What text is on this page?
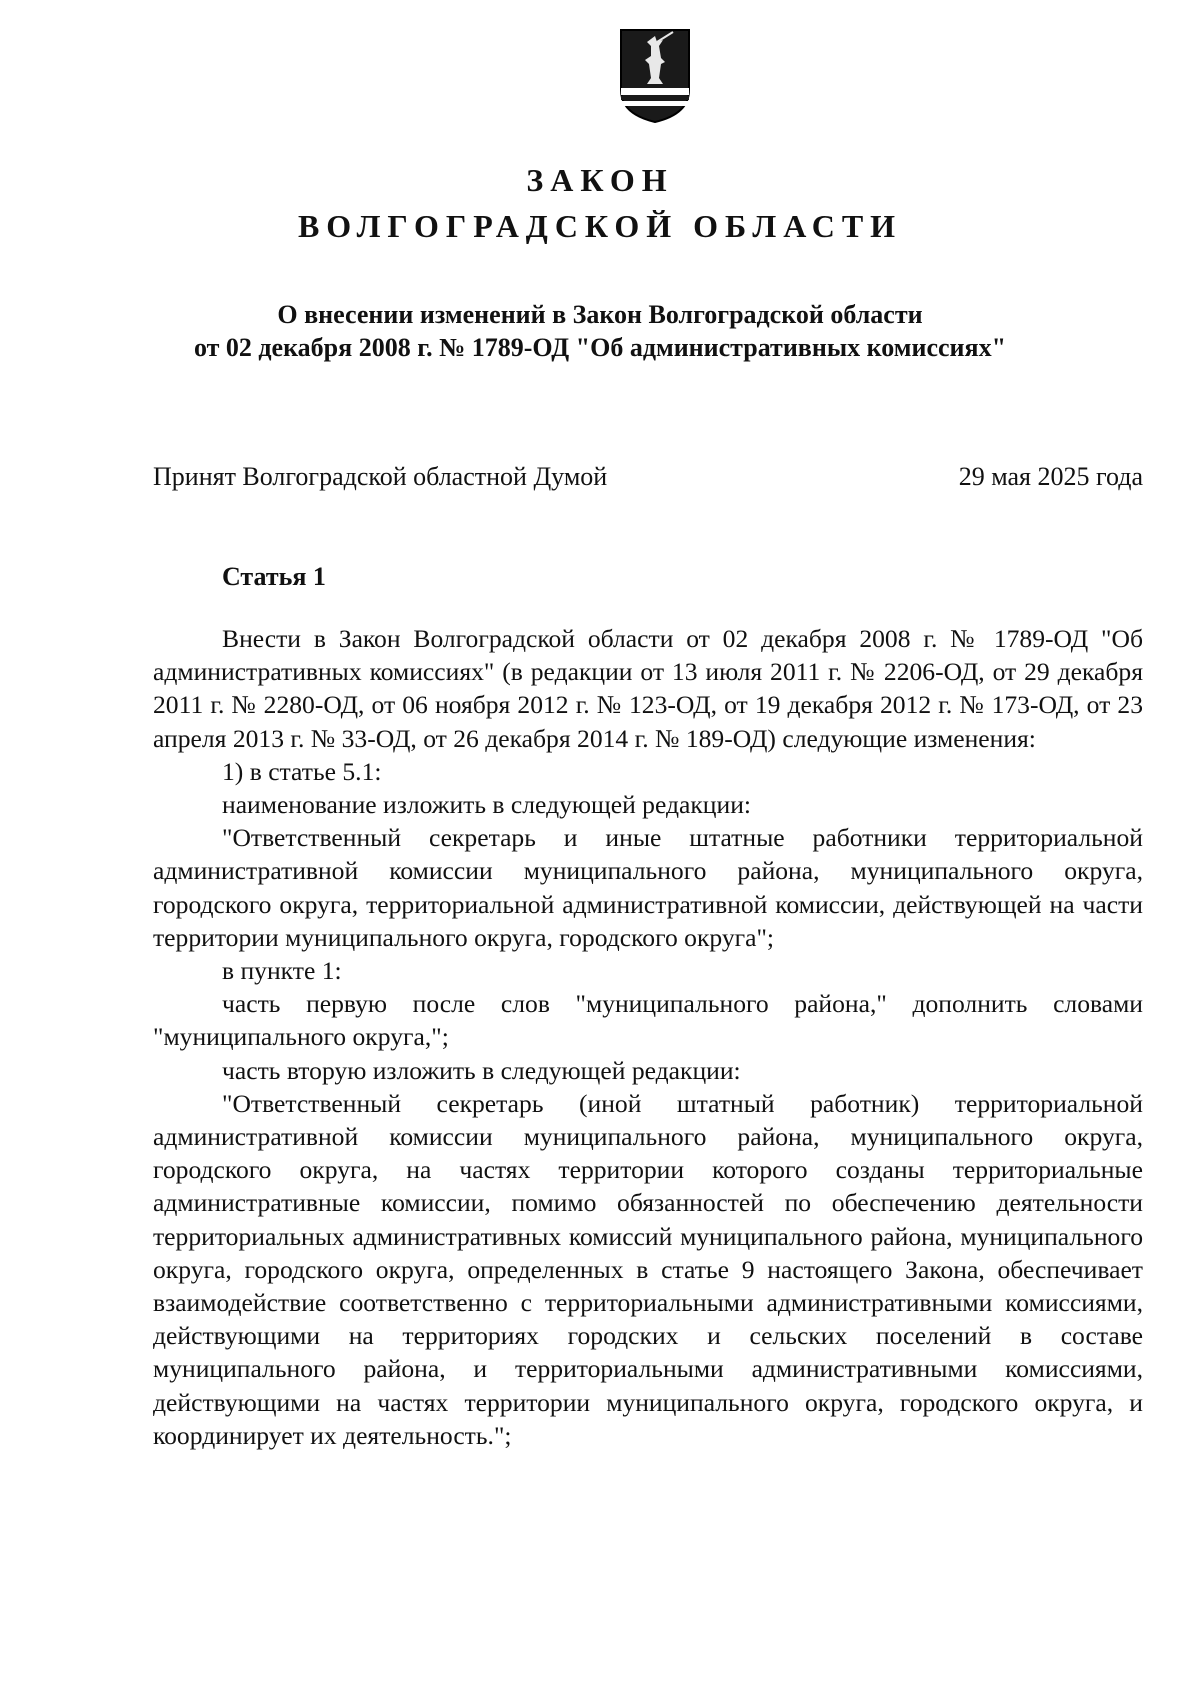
ЗАКОН
ВОЛГОГРАДСКОЙ ОБЛАСТИ
О внесении изменений в Закон Волгоградской области
от 02 декабря 2008 г. № 1789-ОД "Об административных комиссиях"
Принят Волгоградской областной Думой	29 мая 2025 года
Статья 1

Внести в Закон Волгоградской области от 02 декабря 2008 г. № 1789-ОД "Об административных комиссиях" (в редакции от 13 июля 2011 г. № 2206-ОД, от 29 декабря 2011 г. № 2280-ОД, от 06 ноября 2012 г. № 123-ОД, от 19 декабря 2012 г. № 173-ОД, от 23 апреля 2013 г. № 33-ОД, от 26 декабря 2014 г. № 189-ОД) следующие изменения:

1) в статье 5.1:

наименование изложить в следующей редакции:

"Ответственный секретарь и иные штатные работники территориальной административной комиссии муниципального района, муниципального округа, городского округа, территориальной административной комиссии, действующей на части территории муниципального округа, городского округа";

в пункте 1:

часть первую после слов "муниципального района," дополнить словами "муниципального округа,";

часть вторую изложить в следующей редакции:

"Ответственный секретарь (иной штатный работник) территориальной административной комиссии муниципального района, муниципального округа, городского округа, на частях территории которого созданы территориальные административные комиссии, помимо обязанностей по обеспечению деятельности территориальных административных комиссий муниципального района, муниципального округа, городского округа, определенных в статье 9 настоящего Закона, обеспечивает взаимодействие соответственно с территориальными административными комиссиями, действующими на территориях городских и сельских поселений в составе муниципального района, и территориальными административными комиссиями, действующими на частях территории муниципального округа, городского округа, и координирует их деятельность.";
